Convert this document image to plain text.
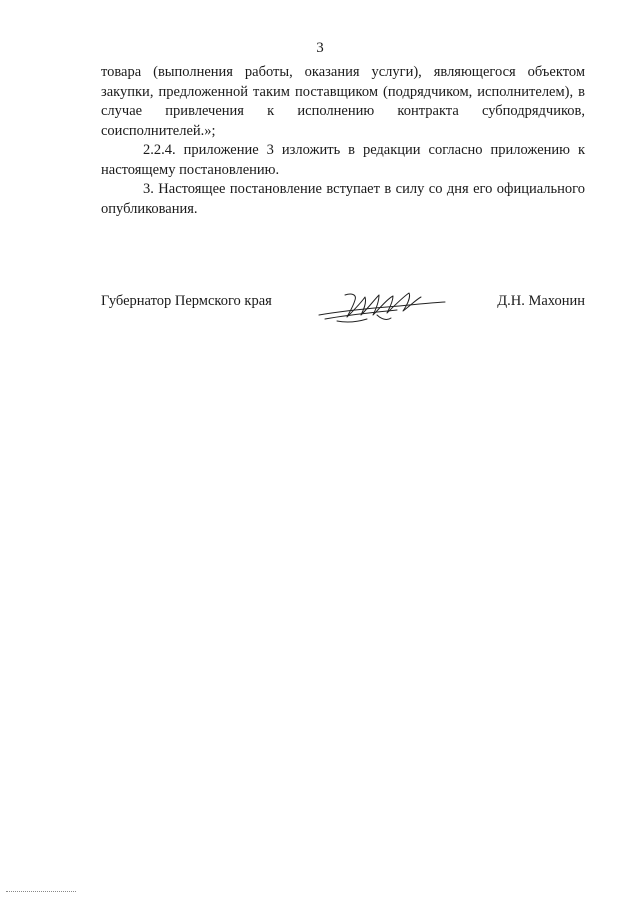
3

товара (выполнения работы, оказания услуги), являющегося объектом закупки, предложенной таким поставщиком (подрядчиком, исполнителем), в случае привлечения к исполнению контракта субподрядчиков, соисполнителей.»;

2.2.4. приложение 3 изложить в редакции согласно приложению к настоящему постановлению.

3. Настоящее постановление вступает в силу со дня его официального опубликования.

Губернатор Пермского края	Д.Н. Махонин
